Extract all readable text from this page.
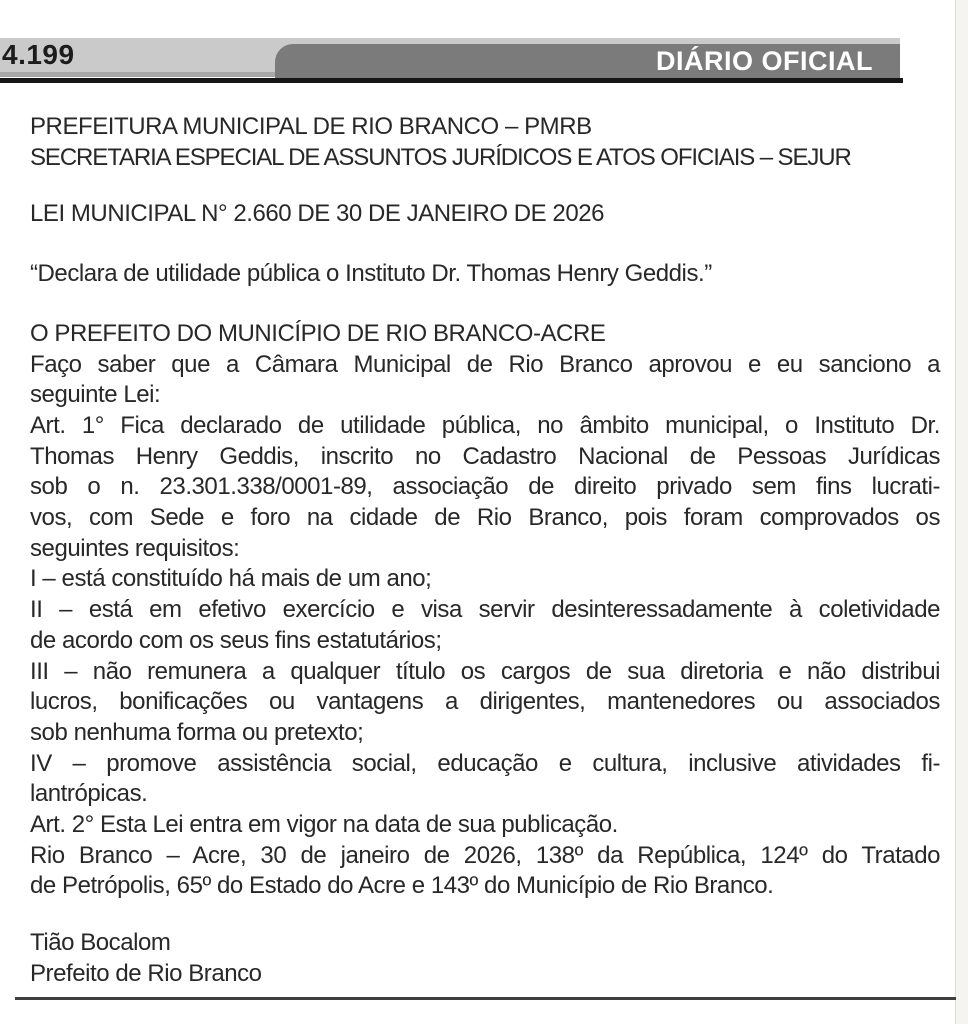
4.199	DIÁRIO OFICIAL
PREFEITURA MUNICIPAL DE RIO BRANCO – PMRB
SECRETARIA ESPECIAL DE ASSUNTOS JURÍDICOS E ATOS OFICIAIS – SEJUR
LEI MUNICIPAL N° 2.660 DE 30 DE JANEIRO DE 2026
“Declara de utilidade pública o Instituto Dr. Thomas Henry Geddis.”
O PREFEITO DO MUNICÍPIO DE RIO BRANCO-ACRE
Faço saber que a Câmara Municipal de Rio Branco aprovou e eu sanciono a
seguinte Lei:
Art. 1° Fica declarado de utilidade pública, no âmbito municipal, o Instituto Dr.
Thomas Henry Geddis, inscrito no Cadastro Nacional de Pessoas Jurídicas
sob o n. 23.301.338/0001-89, associação de direito privado sem fins lucrati-
vos, com Sede e foro na cidade de Rio Branco, pois foram comprovados os
seguintes requisitos:
I – está constituído há mais de um ano;
II – está em efetivo exercício e visa servir desinteressadamente à coletividade
de acordo com os seus fins estatutários;
III – não remunera a qualquer título os cargos de sua diretoria e não distribui
lucros, bonificações ou vantagens a dirigentes, mantenedores ou associados
sob nenhuma forma ou pretexto;
IV – promove assistência social, educação e cultura, inclusive atividades fi-
lantrópicas.
Art. 2° Esta Lei entra em vigor na data de sua publicação.
Rio Branco – Acre, 30 de janeiro de 2026, 138º da República, 124º do Tratado
de Petrópolis, 65º do Estado do Acre e 143º do Município de Rio Branco.
Tião Bocalom
Prefeito de Rio Branco
